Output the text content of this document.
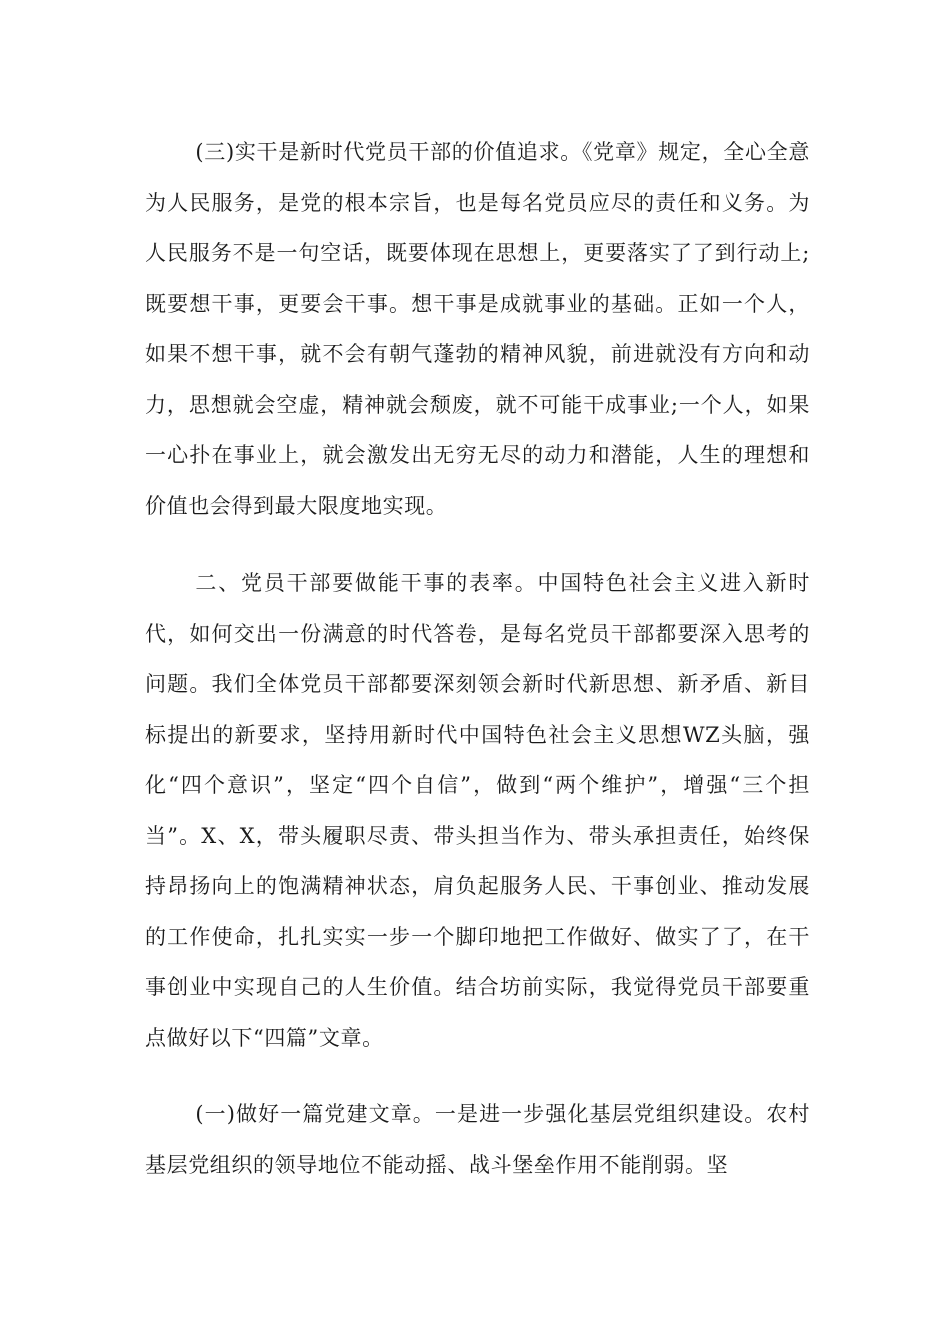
(三)实干是新时代党员干部的价值追求。《党章》规定，全心全意为人民服务，是党的根本宗旨，也是每名党员应尽的责任和义务。为人民服务不是一句空话，既要体现在思想上，更要落实了了到行动上;既要想干事，更要会干事。想干事是成就事业的基础。正如一个人，如果不想干事，就不会有朝气蓬勃的精神风貌，前进就没有方向和动力，思想就会空虚，精神就会颓废，就不可能干成事业;一个人，如果一心扑在事业上，就会激发出无穷无尽的动力和潜能，人生的理想和价值也会得到最大限度地实现。

二、党员干部要做能干事的表率。中国特色社会主义进入新时代，如何交出一份满意的时代答卷，是每名党员干部都要深入思考的问题。我们全体党员干部都要深刻领会新时代新思想、新矛盾、新目标提出的新要求，坚持用新时代中国特色社会主义思想WZ头脑，强化“四个意识”，坚定“四个自信”，做到“两个维护”，增强“三个担当”。X、X，带头履职尽责、带头担当作为、带头承担责任，始终保持昂扬向上的饱满精神状态，肩负起服务人民、干事创业、推动发展的工作使命，扎扎实实一步一个脚印地把工作做好、做实了了，在干事创业中实现自己的人生价值。结合坊前实际，我觉得党员干部要重点做好以下“四篇”文章。

(一)做好一篇党建文章。一是进一步强化基层党组织建设。农村基层党组织的领导地位不能动摇、战斗堡垒作用不能削弱。坚
